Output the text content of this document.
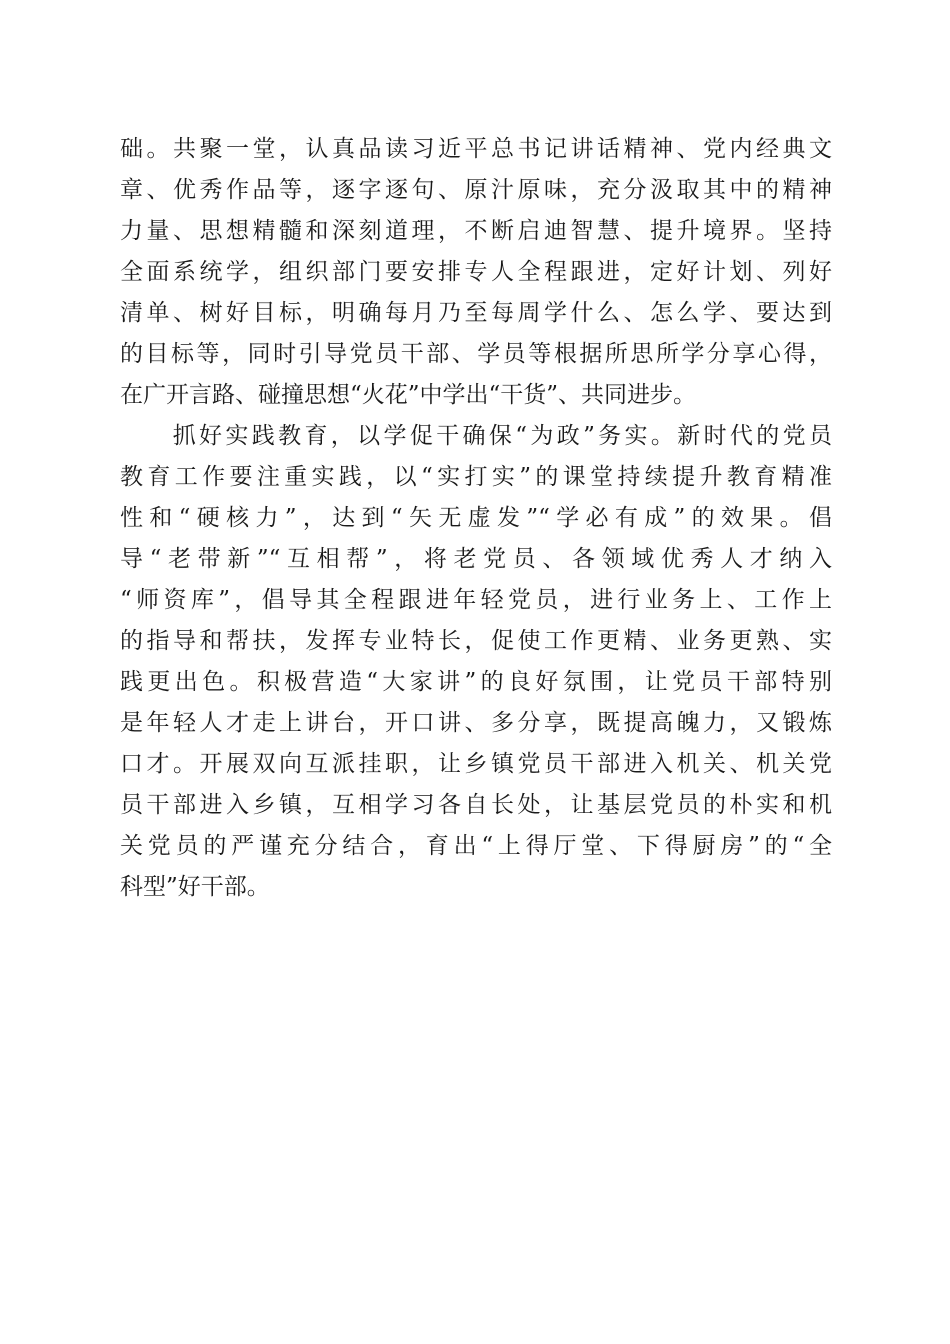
础。共聚一堂，认真品读习近平总书记讲话精神、党内经典文
章、优秀作品等，逐字逐句、原汁原味，充分汲取其中的精神
力量、思想精髓和深刻道理，不断启迪智慧、提升境界。坚持
全面系统学，组织部门要安排专人全程跟进，定好计划、列好
清单、树好目标，明确每月乃至每周学什么、怎么学、要达到
的目标等，同时引导党员干部、学员等根据所思所学分享心得，
在广开言路、碰撞思想“火花”中学出“干货”、共同进步。
　　抓好实践教育，以学促干确保“为政”务实。新时代的党员
教育工作要注重实践，以“实打实”的课堂持续提升教育精准
性和“硬核力”，达到“矢无虚发”“学必有成”的效果。倡
导“老带新”“互相帮”，将老党员、各领域优秀人才纳入
“师资库”，倡导其全程跟进年轻党员，进行业务上、工作上
的指导和帮扶，发挥专业特长，促使工作更精、业务更熟、实
践更出色。积极营造“大家讲”的良好氛围，让党员干部特别
是年轻人才走上讲台，开口讲、多分享，既提高魄力，又锻炼
口才。开展双向互派挂职，让乡镇党员干部进入机关、机关党
员干部进入乡镇，互相学习各自长处，让基层党员的朴实和机
关党员的严谨充分结合，育出“上得厅堂、下得厨房”的“全
科型”好干部。
